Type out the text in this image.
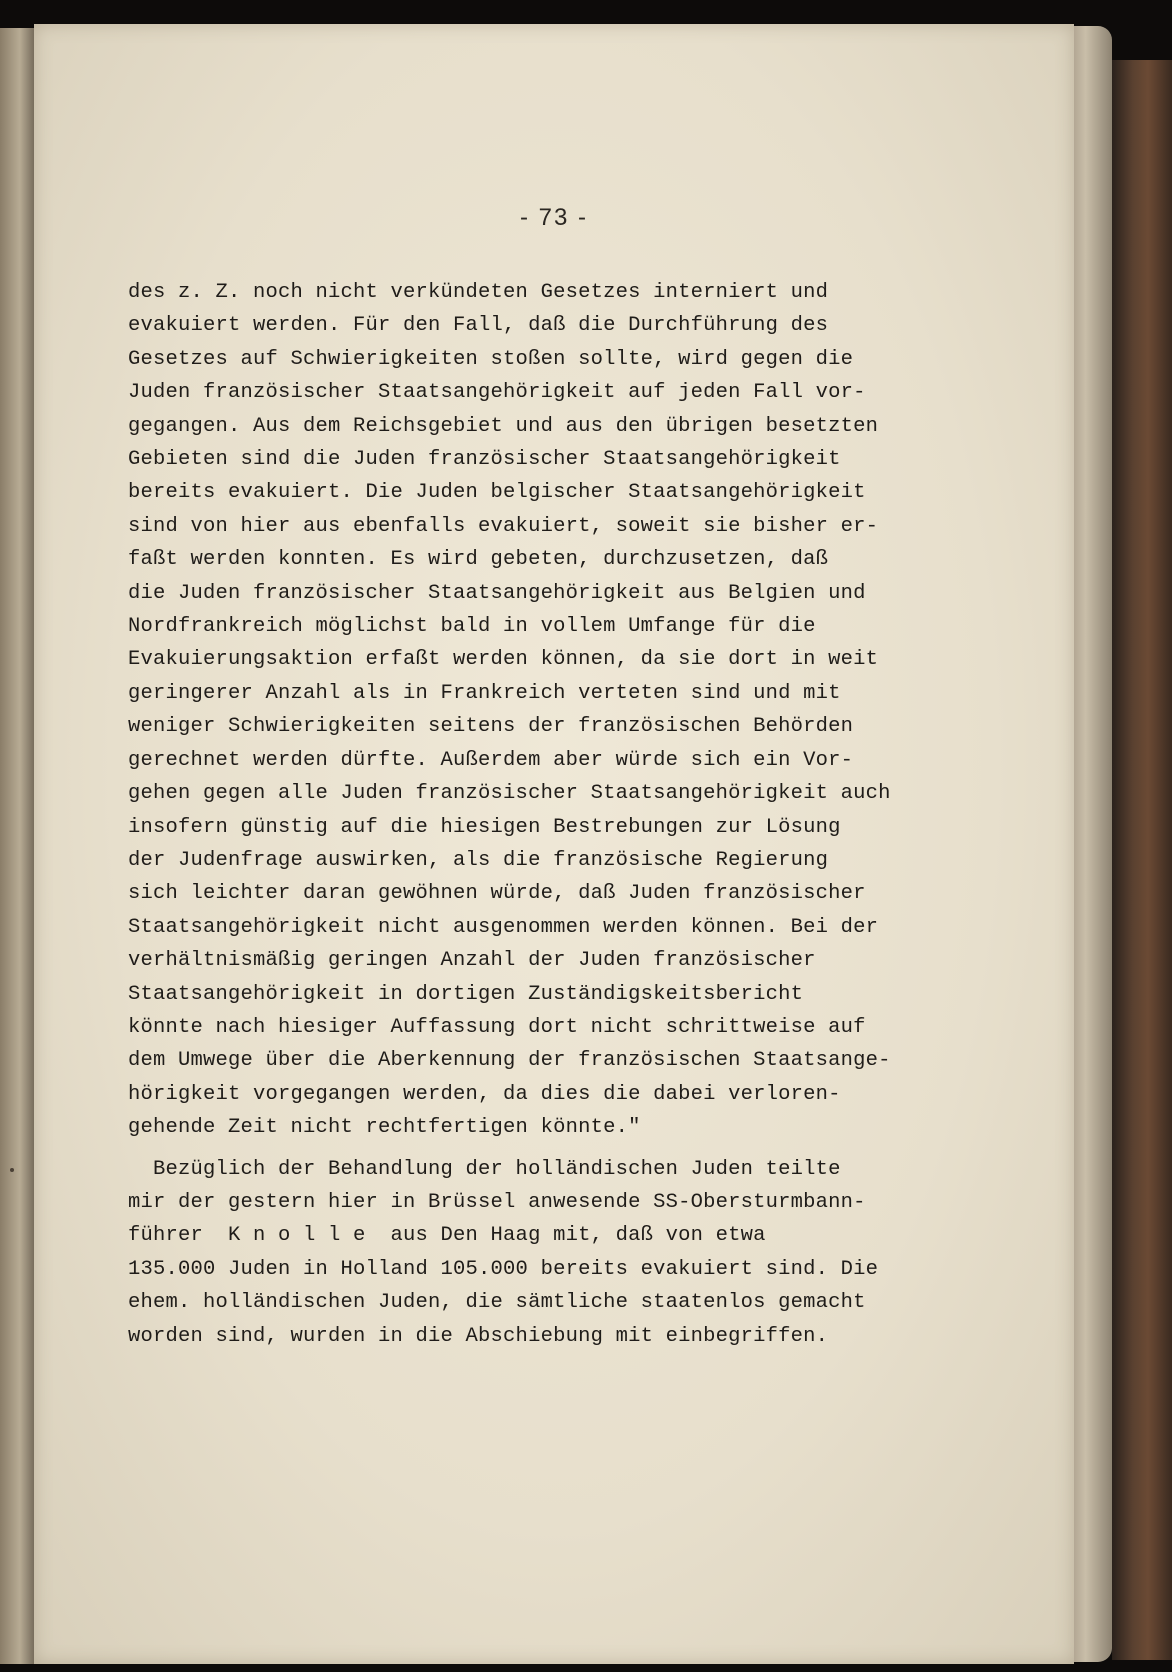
- 73 -
des z. Z. noch nicht verkündeten Gesetzes interniert und
evakuiert werden. Für den Fall, daß die Durchführung des
Gesetzes auf Schwierigkeiten stoßen sollte, wird gegen die
Juden französischer Staatsangehörigkeit auf jeden Fall vor-
gegangen. Aus dem Reichsgebiet und aus den übrigen besetzten
Gebieten sind die Juden französischer Staatsangehörigkeit
bereits evakuiert. Die Juden belgischer Staatsangehörigkeit
sind von hier aus ebenfalls evakuiert, soweit sie bisher er-
faßt werden konnten. Es wird gebeten, durchzusetzen, daß
die Juden französischer Staatsangehörigkeit aus Belgien und
Nordfrankreich möglichst bald in vollem Umfange für die
Evakuierungsaktion erfaßt werden können, da sie dort in weit
geringerer Anzahl als in Frankreich verteten sind und mit
weniger Schwierigkeiten seitens der französischen Behörden
gerechnet werden dürfte. Außerdem aber würde sich ein Vor-
gehen gegen alle Juden französischer Staatsangehörigkeit auch
insofern günstig auf die hiesigen Bestrebungen zur Lösung
der Judenfrage auswirken, als die französische Regierung
sich leichter daran gewöhnen würde, daß Juden französischer
Staatsangehörigkeit nicht ausgenommen werden können. Bei der
verhältnismäßig geringen Anzahl der Juden französischer
Staatsangehörigkeit in dortigen Zuständigskeitsbericht
könnte nach hiesiger Auffassung dort nicht schrittweise auf
dem Umwege über die Aberkennung der französischen Staatsange-
hörigkeit vorgegangen werden, da dies die dabei verloren-
gehende Zeit nicht rechtfertigen könnte."
Bezüglich der Behandlung der holländischen Juden teilte
mir der gestern hier in Brüssel anwesende SS-Obersturmbann-
führer  K n o l l e  aus Den Haag mit, daß von etwa
135.000 Juden in Holland 105.000 bereits evakuiert sind. Die
ehem. holländischen Juden, die sämtliche staatenlos gemacht
worden sind, wurden in die Abschiebung mit einbegriffen.
